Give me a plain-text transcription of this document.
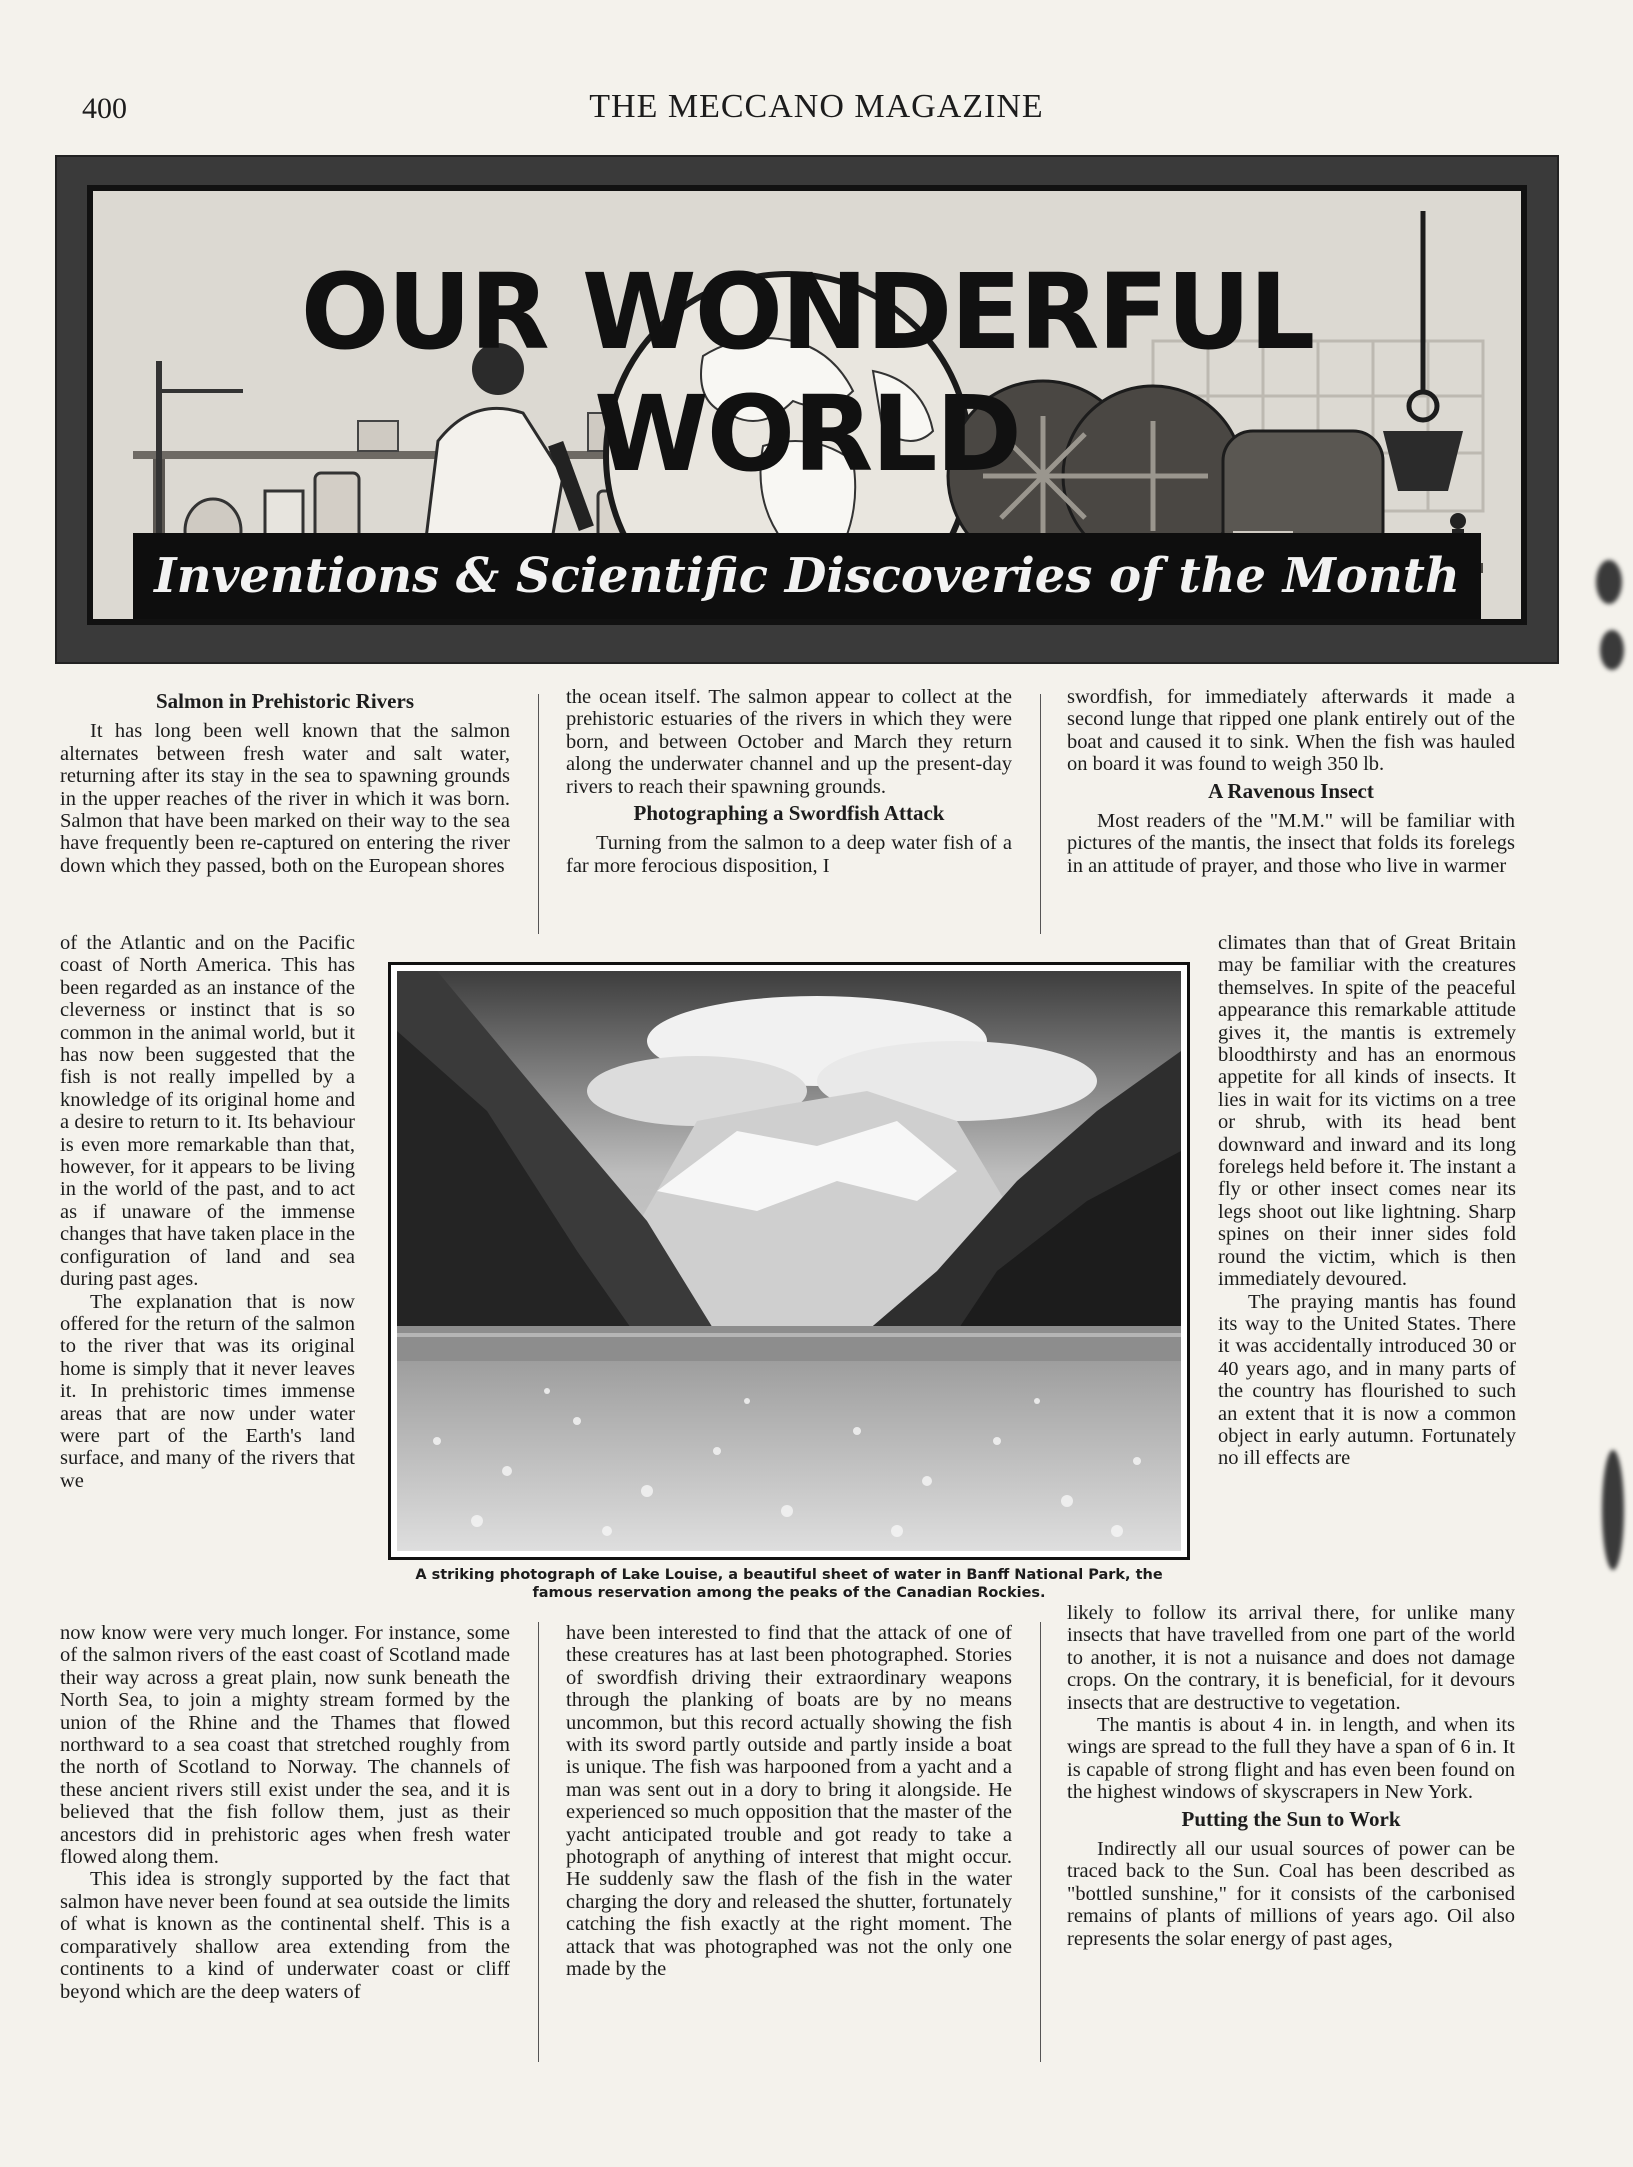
400	THE MECCANO MAGAZINE
OUR WONDERFUL WORLD
Inventions & Scientific Discoveries of the Month
Salmon in Prehistoric Rivers

It has long been well known that the salmon alternates between fresh water and salt water, returning after its stay in the sea to spawning grounds in the upper reaches of the river in which it was born. Salmon that have been marked on their way to the sea have frequently been re-captured on entering the river down which they passed, both on the European shores

of the Atlantic and on the Pacific coast of North America. This has been regarded as an instance of the cleverness or instinct that is so common in the animal world, but it has now been suggested that the fish is not really impelled by a knowledge of its original home and a desire to return to it. Its behaviour is even more remarkable than that, however, for it appears to be living in the world of the past, and to act as if unaware of the immense changes that have taken place in the configuration of land and sea during past ages.

The explanation that is now offered for the return of the salmon to the river that was its original home is simply that it never leaves it. In prehistoric times immense areas that are now under water were part of the Earth's land surface, and many of the rivers that we

now know were very much longer. For instance, some of the salmon rivers of the east coast of Scotland made their way across a great plain, now sunk beneath the North Sea, to join a mighty stream formed by the union of the Rhine and the Thames that flowed northward to a sea coast that stretched roughly from the north of Scotland to Norway. The channels of these ancient rivers still exist under the sea, and it is believed that the fish follow them, just as their ancestors did in prehistoric ages when fresh water flowed along them.

This idea is strongly supported by the fact that salmon have never been found at sea outside the limits of what is known as the continental shelf. This is a comparatively shallow area extending from the continents to a kind of underwater coast or cliff beyond which are the deep waters of

the ocean itself. The salmon appear to collect at the prehistoric estuaries of the rivers in which they were born, and between October and March they return along the underwater channel and up the present-day rivers to reach their spawning grounds.

Photographing a Swordfish Attack

Turning from the salmon to a deep water fish of a far more ferocious disposition, I

have been interested to find that the attack of one of these creatures has at last been photographed. Stories of swordfish driving their extraordinary weapons through the planking of boats are by no means uncommon, but this record actually showing the fish with its sword partly outside and partly inside a boat is unique. The fish was harpooned from a yacht and a man was sent out in a dory to bring it alongside. He experienced so much opposition that the master of the yacht anticipated trouble and got ready to take a photograph of anything of interest that might occur. He suddenly saw the flash of the fish in the water charging the dory and released the shutter, fortunately catching the fish exactly at the right moment. The attack that was photographed was not the only one made by the

swordfish, for immediately afterwards it made a second lunge that ripped one plank entirely out of the boat and caused it to sink. When the fish was hauled on board it was found to weigh 350 lb.

A Ravenous Insect

Most readers of the "M.M." will be familiar with pictures of the mantis, the insect that folds its forelegs in an attitude of prayer, and those who live in warmer

climates than that of Great Britain may be familiar with the creatures themselves. In spite of the peaceful appearance this remarkable attitude gives it, the mantis is extremely bloodthirsty and has an enormous appetite for all kinds of insects. It lies in wait for its victims on a tree or shrub, with its head bent downward and inward and its long forelegs held before it. The instant a fly or other insect comes near its legs shoot out like lightning. Sharp spines on their inner sides fold round the victim, which is then immediately devoured.

The praying mantis has found its way to the United States. There it was accidentally introduced 30 or 40 years ago, and in many parts of the country has flourished to such an extent that it is now a common object in early autumn. Fortunately no ill effects are

likely to follow its arrival there, for unlike many insects that have travelled from one part of the world to another, it is not a nuisance and does not damage crops. On the contrary, it is beneficial, for it devours insects that are destructive to vegetation.

The mantis is about 4 in. in length, and when its wings are spread to the full they have a span of 6 in. It is capable of strong flight and has even been found on the highest windows of skyscrapers in New York.

Putting the Sun to Work

Indirectly all our usual sources of power can be traced back to the Sun. Coal has been described as "bottled sunshine," for it consists of the carbonised remains of plants of millions of years ago. Oil also represents the solar energy of past ages,

A striking photograph of Lake Louise, a beautiful sheet of water in Banff National Park, the
famous reservation among the peaks of the Canadian Rockies.
